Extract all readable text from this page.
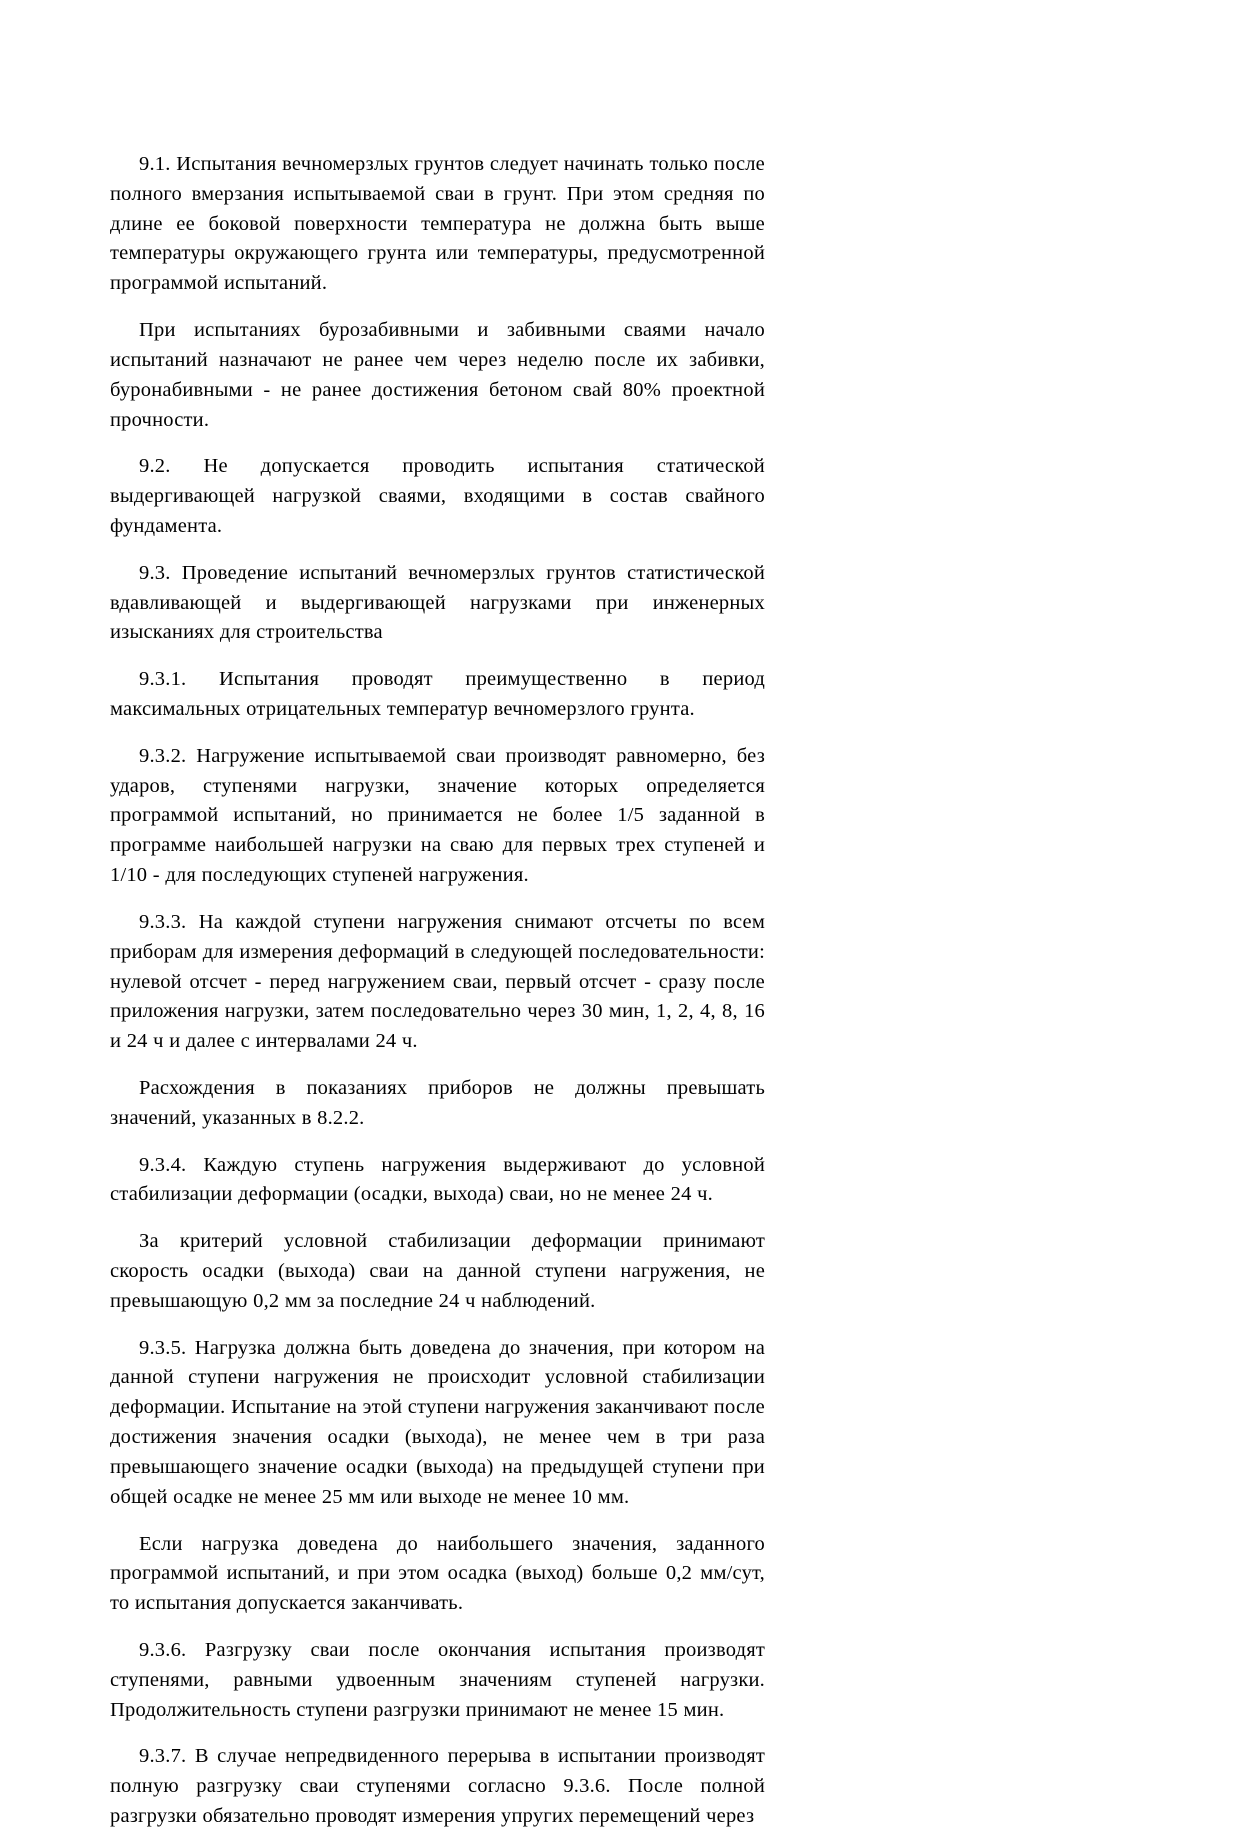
9.1. Испытания вечномерзлых грунтов следует начинать только после полного вмерзания испытываемой сваи в грунт. При этом средняя по длине ее боковой поверхности температура не должна быть выше температуры окружающего грунта или температуры, предусмотренной программой испытаний.

При испытаниях бурозабивными и забивными сваями начало испытаний назначают не ранее чем через неделю после их забивки, буронабивными - не ранее достижения бетоном свай 80% проектной прочности.

9.2. Не допускается проводить испытания статической выдергивающей нагрузкой сваями, входящими в состав свайного фундамента.

9.3. Проведение испытаний вечномерзлых грунтов статистической вдавливающей и выдергивающей нагрузками при инженерных изысканиях для строительства

9.3.1. Испытания проводят преимущественно в период максимальных отрицательных температур вечномерзлого грунта.

9.3.2. Нагружение испытываемой сваи производят равномерно, без ударов, ступенями нагрузки, значение которых определяется программой испытаний, но принимается не более 1/5 заданной в программе наибольшей нагрузки на сваю для первых трех ступеней и 1/10 - для последующих ступеней нагружения.

9.3.3. На каждой ступени нагружения снимают отсчеты по всем приборам для измерения деформаций в следующей последовательности: нулевой отсчет - перед нагружением сваи, первый отсчет - сразу после приложения нагрузки, затем последовательно через 30 мин, 1, 2, 4, 8, 16 и 24 ч и далее с интервалами 24 ч.

Расхождения в показаниях приборов не должны превышать значений, указанных в 8.2.2.

9.3.4. Каждую ступень нагружения выдерживают до условной стабилизации деформации (осадки, выхода) сваи, но не менее 24 ч.

За критерий условной стабилизации деформации принимают скорость осадки (выхода) сваи на данной ступени нагружения, не превышающую 0,2 мм за последние 24 ч наблюдений.

9.3.5. Нагрузка должна быть доведена до значения, при котором на данной ступени нагружения не происходит условной стабилизации деформации. Испытание на этой ступени нагружения заканчивают после достижения значения осадки (выхода), не менее чем в три раза превышающего значение осадки (выхода) на предыдущей ступени при общей осадке не менее 25 мм или выходе не менее 10 мм.

Если нагрузка доведена до наибольшего значения, заданного программой испытаний, и при этом осадка (выход) больше 0,2 мм/сут, то испытания допускается заканчивать.

9.3.6. Разгрузку сваи после окончания испытания производят ступенями, равными удвоенным значениям ступеней нагрузки. Продолжительность ступени разгрузки принимают не менее 15 мин.

9.3.7. В случае непредвиденного перерыва в испытании производят полную разгрузку сваи ступенями согласно 9.3.6. После полной разгрузки обязательно проводят измерения упругих перемещений через
